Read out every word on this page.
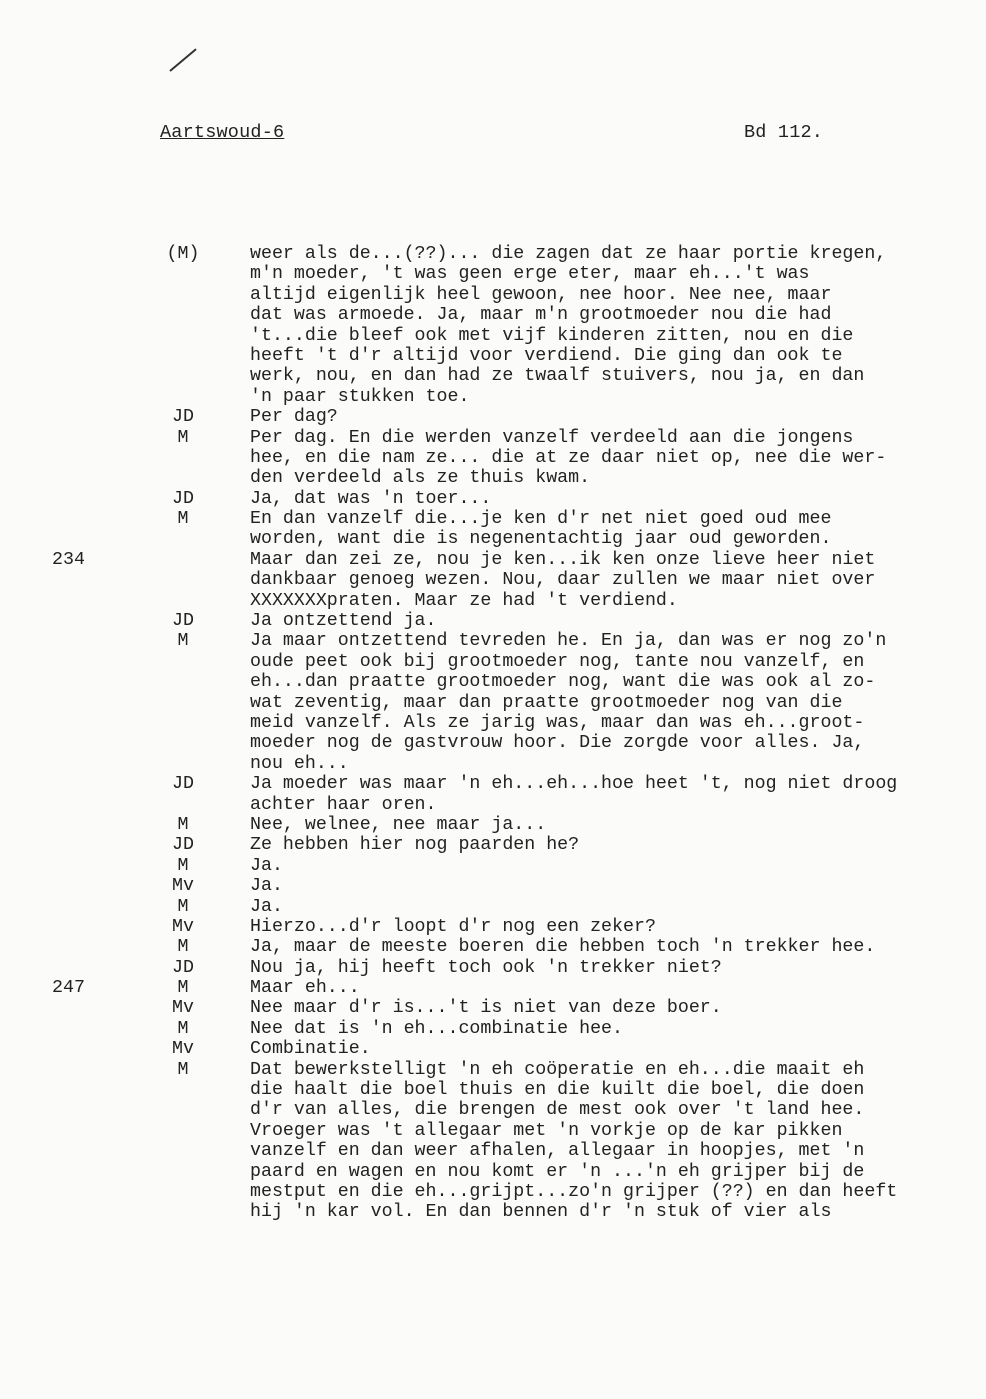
Aartswoud-6	Bd 112.
(M)	weer als de...(??)... die zagen dat ze haar portie kregen,
m'n moeder, 't was geen erge eter, maar eh...'t was
altijd eigenlijk heel gewoon, nee hoor. Nee nee, maar
dat was armoede. Ja, maar m'n grootmoeder nou die had
't...die bleef ook met vijf kinderen zitten, nou en die
heeft 't d'r altijd voor verdiend. Die ging dan ook te
werk, nou, en dan had ze twaalf stuivers, nou ja, en dan
'n paar stukken toe.
JD	Per dag?
M	Per dag. En die werden vanzelf verdeeld aan die jongens
hee, en die nam ze... die at ze daar niet op, nee die wer-
den verdeeld als ze thuis kwam.
JD	Ja, dat was 'n toer...
M	En dan vanzelf die...je ken d'r net niet goed oud mee
worden, want die is negenentachtig jaar oud geworden.
Maar dan zei ze, nou je ken...ik ken onze lieve heer niet
234
dankbaar genoeg wezen. Nou, daar zullen we maar niet over
XXXXXXXpraten. Maar ze had 't verdiend.
JD	Ja ontzettend ja.
M	Ja maar ontzettend tevreden he. En ja, dan was er nog zo'n
oude peet ook bij grootmoeder nog, tante nou vanzelf, en
eh...dan praatte grootmoeder nog, want die was ook al zo-
wat zeventig, maar dan praatte grootmoeder nog van die
meid vanzelf. Als ze jarig was, maar dan was eh...groot-
moeder nog de gastvrouw hoor. Die zorgde voor alles. Ja,
nou eh...
JD	Ja moeder was maar 'n eh...eh...hoe heet 't, nog niet droog
achter haar oren.
M	Nee, welnee, nee maar ja...
JD	Ze hebben hier nog paarden he?
M	Ja.
Mv	Ja.
M	Ja.
Mv	Hierzo...d'r loopt d'r nog een zeker?
M	Ja, maar de meeste boeren die hebben toch 'n trekker hee.
JD	Nou ja, hij heeft toch ook 'n trekker niet?
M	Maar eh...
247
Mv	Nee maar d'r is...'t is niet van deze boer.
M	Nee dat is 'n eh...combinatie hee.
Mv	Combinatie.
M	Dat bewerkstelligt 'n eh coöperatie en eh...die maait eh
die haalt die boel thuis en die kuilt die boel, die doen
d'r van alles, die brengen de mest ook over 't land hee.
Vroeger was 't allegaar met 'n vorkje op de kar pikken
vanzelf en dan weer afhalen, allegaar in hoopjes, met 'n
paard en wagen en nou komt er 'n ...'n eh grijper bij de
mestput en die eh...grijpt...zo'n grijper (??) en dan heeft
hij 'n kar vol. En dan bennen d'r 'n stuk of vier als
